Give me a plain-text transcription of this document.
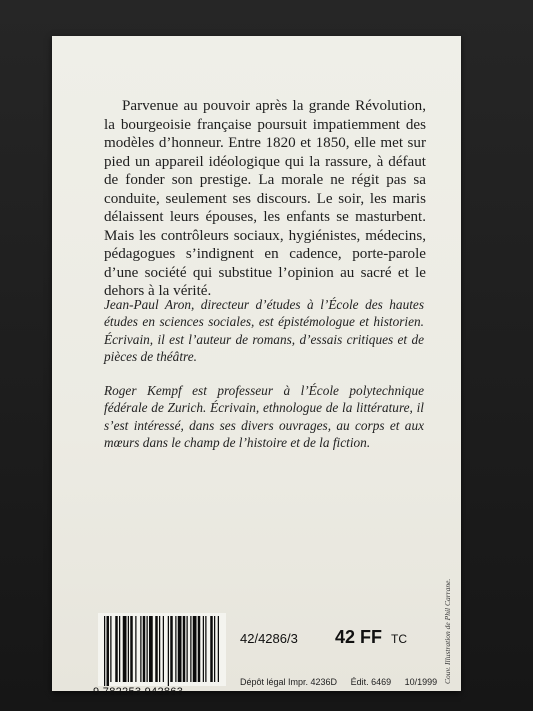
Parvenue au pouvoir après la grande Révolution, la bourgeoisie française poursuit impatiemment des modèles d’honneur. Entre 1820 et 1850, elle met sur pied un appareil idéologique qui la rassure, à défaut de fonder son prestige. La morale ne régit pas sa conduite, seulement ses discours. Le soir, les maris délaissent leurs épouses, les enfants se masturbent. Mais les contrôleurs sociaux, hygiénistes, médecins, pédagogues s’indignent en cadence, porte-parole d’une société qui substitue l’opinion au sacré et le dehors à la vérité.

Jean-Paul Aron, directeur d’études à l’École des hautes études en sciences sociales, est épistémologue et historien. Écrivain, il est l’auteur de romans, d’essais critiques et de pièces de théâtre.

Roger Kempf est professeur à l’École polytechnique fédérale de Zurich. Écrivain, ethnologue de la littérature, il s’est intéressé, dans ses divers ouvrages, au corps et aux mœurs dans le champ de l’histoire et de la fiction.

9 782253 942863
42/4286/3 42 FF TC
Dépôt légal Impr. 4236D Édit. 6469 10/1999 Couv. Illustration de Phil Carrane.
